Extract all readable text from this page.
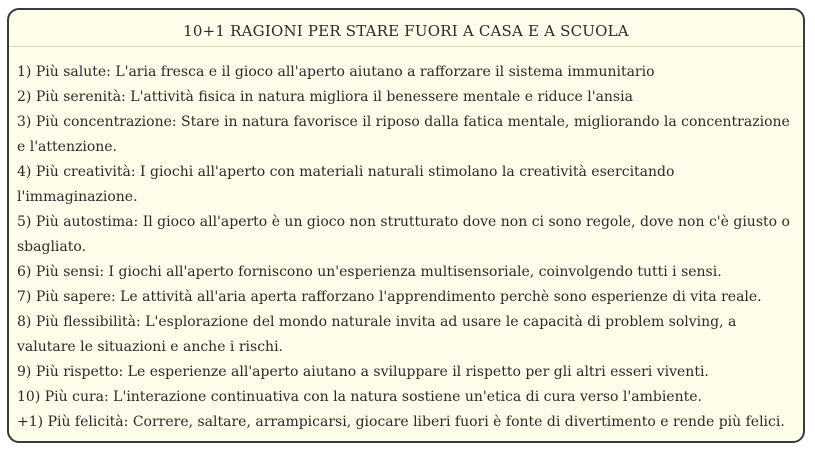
10+1 RAGIONI PER STARE FUORI A CASA E A SCUOLA
1) Più salute: L'aria fresca e il gioco all'aperto aiutano a rafforzare il sistema immunitario
2) Più serenità: L'attività fisica in natura migliora il benessere mentale e riduce l'ansia
3) Più concentrazione: Stare in natura favorisce il riposo dalla fatica mentale, migliorando la concentrazione e l'attenzione.
4) Più creatività: I giochi all'aperto con materiali naturali stimolano la creatività esercitando l'immaginazione.
5) Più autostima: Il gioco all'aperto è un gioco non strutturato dove non ci sono regole, dove non c'è giusto o sbagliato.
6) Più sensi: I giochi all'aperto forniscono un'esperienza multisensoriale, coinvolgendo tutti i sensi.
7) Più sapere: Le attività all'aria aperta rafforzano l'apprendimento perchè sono esperienze di vita reale.
8) Più flessibilità: L'esplorazione del mondo naturale invita ad usare le capacità di problem solving, a valutare le situazioni e anche i rischi.
9) Più rispetto: Le esperienze all'aperto aiutano a sviluppare il rispetto per gli altri esseri viventi.
10) Più cura: L'interazione continuativa con la natura sostiene un'etica di cura verso l'ambiente.
+1) Più felicità: Correre, saltare, arrampicarsi, giocare liberi fuori è fonte di divertimento e rende più felici.
